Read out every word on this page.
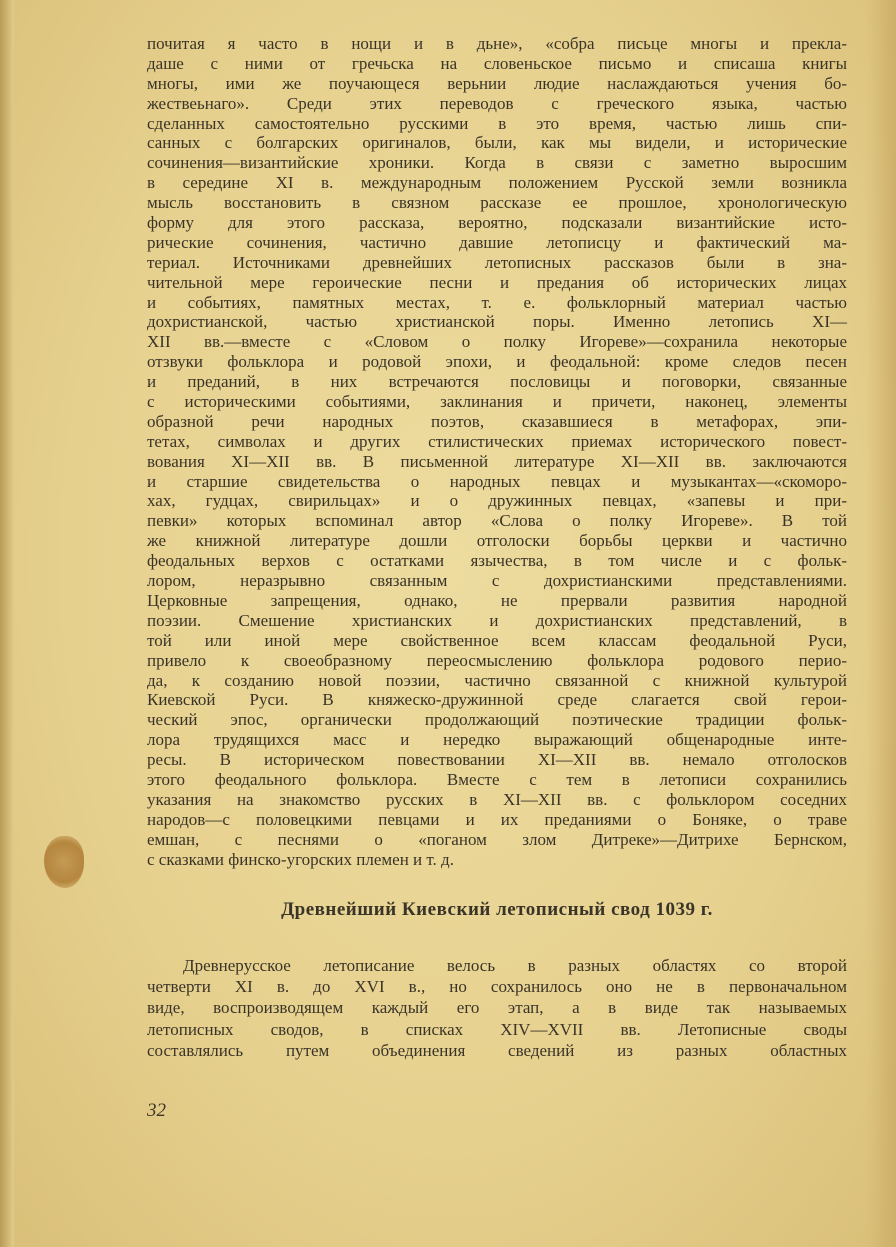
почитая я часто в нощи и в дьне», «собра письце многы и прекла-
даше с ними от гречьска на словеньское письмо и списаша книгы
многы, ими же поучающеся верьнии людие наслаждаються учения бо-
жествеьнаго». Среди этих переводов с греческого языка, частью
сделанных самостоятельно русскими в это время, частью лишь спи-
санных с болгарских оригиналов, были, как мы видели, и исторические
сочинения—византийские хроники. Когда в связи с заметно выросшим
в середине XI в. международным положением Русской земли возникла
мысль восстановить в связном рассказе ее прошлое, хронологическую
форму для этого рассказа, вероятно, подсказали византийские исто-
рические сочинения, частично давшие летописцу и фактический ма-
териал. Источниками древнейших летописных рассказов были в зна-
чительной мере героические песни и предания об исторических лицах
и событиях, памятных местах, т. е. фольклорный материал частью
дохристианской, частью христианской поры. Именно летопись XI—
XII вв.—вместе с «Словом о полку Игореве»—сохранила некоторые
отзвуки фольклора и родовой эпохи, и феодальной: кроме следов песен
и преданий, в них встречаются пословицы и поговорки, связанные
с историческими событиями, заклинания и причети, наконец, элементы
образной речи народных поэтов, сказавшиеся в метафорах, эпи-
тетах, символах и других стилистических приемах исторического повест-
вования XI—XII вв. В письменной литературе XI—XII вв. заключаются
и старшие свидетельства о народных певцах и музыкантах—«скоморо-
хах, гудцах, свирильцах» и о дружинных певцах, «запевы и при-
певки» которых вспоминал автор «Слова о полку Игореве». В той
же книжной литературе дошли отголоски борьбы церкви и частично
феодальных верхов с остатками язычества, в том числе и с фольк-
лором, неразрывно связанным с дохристианскими представлениями.
Церковные запрещения, однако, не прервали развития народной
поэзии. Смешение христианских и дохристианских представлений, в
той или иной мере свойственное всем классам феодальной Руси,
привело к своеобразному переосмыслению фольклора родового перио-
да, к созданию новой поэзии, частично связанной с книжной культурой
Киевской Руси. В княжеско-дружинной среде слагается свой герои-
ческий эпос, органически продолжающий поэтические традиции фольк-
лора трудящихся масс и нередко выражающий общенародные инте-
ресы. В историческом повествовании XI—XII вв. немало отголосков
этого феодального фольклора. Вместе с тем в летописи сохранились
указания на знакомство русских в XI—XII вв. с фольклором соседних
народов—с половецкими певцами и их преданиями о Боняке, о траве
емшан, с песнями о «поганом злом Дитреке»—Дитрихе Бернском,
с сказками финско-угорских племен и т. д.
Древнейший Киевский летописный свод 1039 г.
Древнерусское летописание велось в разных областях со второй
четверти XI в. до XVI в., но сохранилось оно не в первоначальном
виде, воспроизводящем каждый его этап, а в виде так называемых
летописных сводов, в списках XIV—XVII вв. Летописные своды
составлялись путем объединения сведений из разных областных
32
